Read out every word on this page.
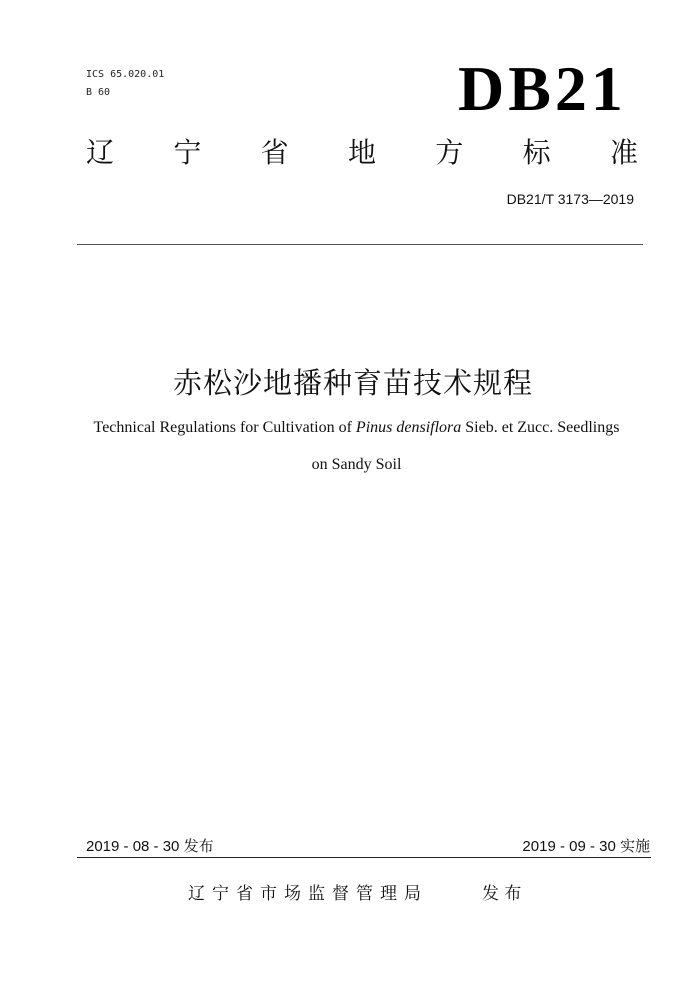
ICS 65.020.01
B 60	DB21
辽 宁 省 地 方 标 准
DB21/T 3173—2019
赤松沙地播种育苗技术规程
Technical Regulations for Cultivation of Pinus densiflora Sieb. et Zucc. Seedlings
on Sandy Soil
2019 - 08 - 30 发布	2019 - 09 - 30 实施
辽宁省市场监督管理局	发 布
